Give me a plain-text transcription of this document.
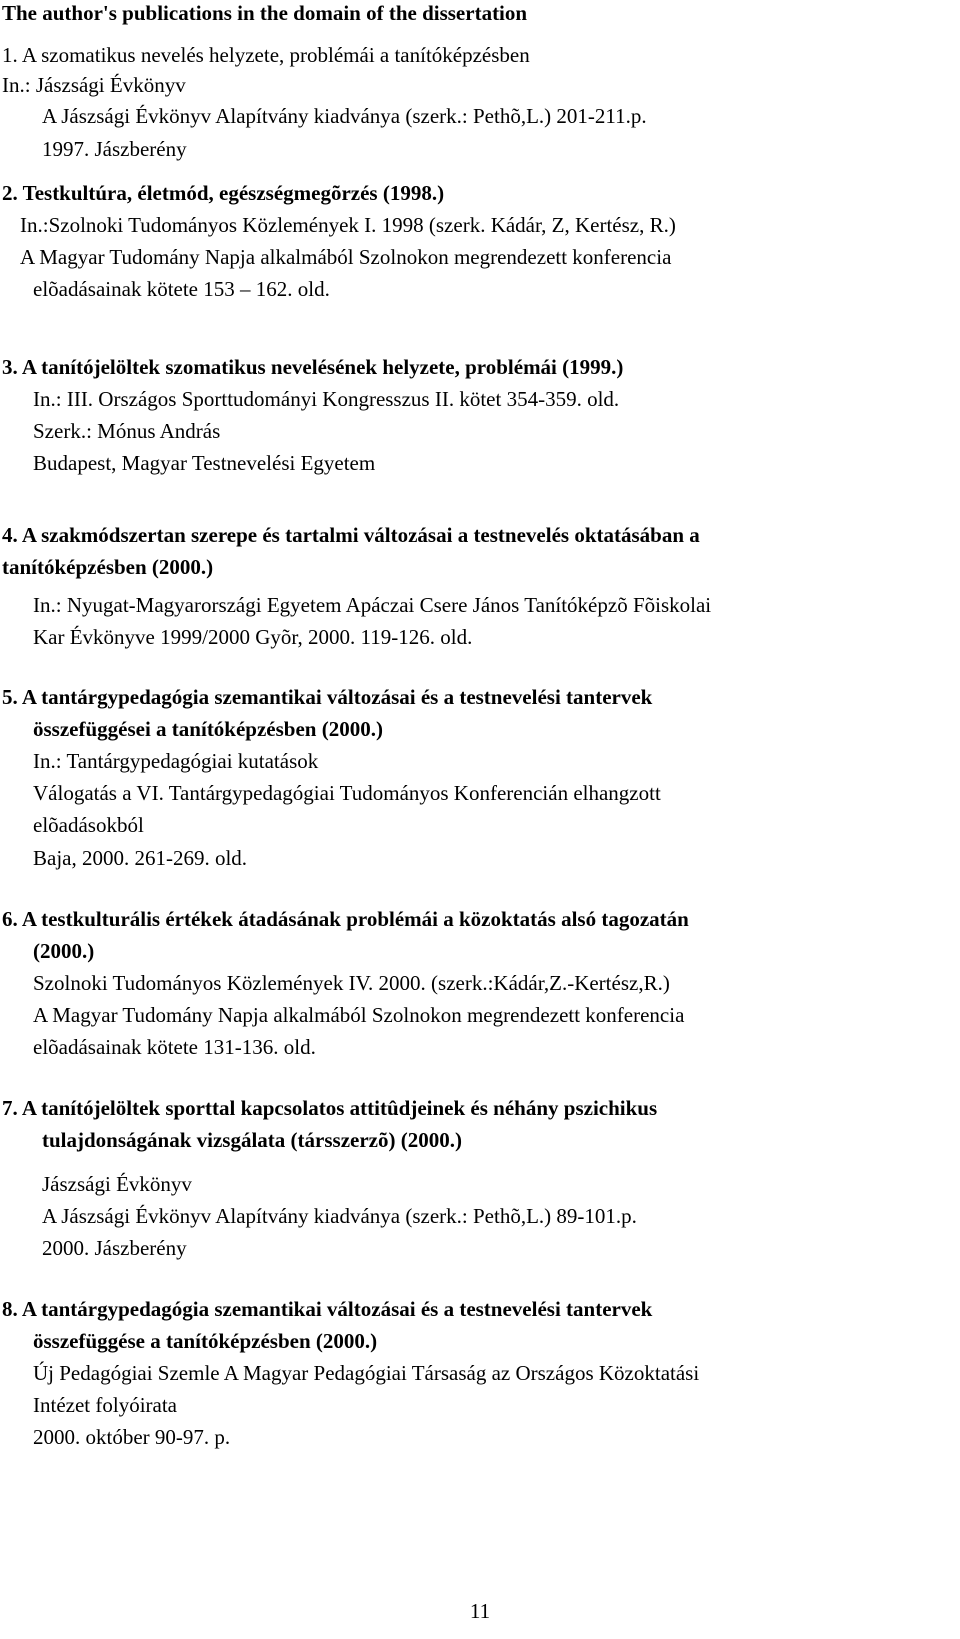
The author's publications in the domain of the dissertation
1. A szomatikus nevelés helyzete, problémái a tanítóképzésben
In.: Jászsági Évkönyv
A Jászsági Évkönyv Alapítvány kiadványa (szerk.: Pethõ,L.) 201-211.p.
1997. Jászberény
2. Testkultúra, életmód, egészségmegõrzés (1998.)
In.:Szolnoki Tudományos Közlemények I. 1998 (szerk. Kádár, Z, Kertész, R.)
A Magyar Tudomány Napja alkalmából Szolnokon megrendezett konferencia
elõadásainak kötete 153 – 162. old.
3. A tanítójelöltek szomatikus nevelésének helyzete, problémái (1999.)
In.: III. Országos Sporttudományi Kongresszus II. kötet 354-359. old.
Szerk.: Mónus András
Budapest, Magyar Testnevelési Egyetem
4. A szakmódszertan szerepe és tartalmi változásai a testnevelés oktatásában a
tanítóképzésben (2000.)
In.: Nyugat-Magyarországi Egyetem Apáczai Csere János Tanítóképzõ Fõiskolai
Kar Évkönyve 1999/2000 Gyõr, 2000. 119-126. old.
5. A tantárgypedagógia szemantikai változásai és a testnevelési tantervek
összefüggései a tanítóképzésben (2000.)
In.: Tantárgypedagógiai kutatások
Válogatás a VI. Tantárgypedagógiai Tudományos Konferencián elhangzott
elõadásokból
Baja, 2000. 261-269. old.
6. A testkulturális értékek átadásának problémái a közoktatás alsó tagozatán
(2000.)
Szolnoki Tudományos Közlemények IV. 2000. (szerk.:Kádár,Z.-Kertész,R.)
A Magyar Tudomány Napja alkalmából Szolnokon megrendezett konferencia
elõadásainak kötete 131-136. old.
7. A tanítójelöltek sporttal kapcsolatos attitûdjeinek és néhány pszichikus
tulajdonságának vizsgálata (társszerzõ) (2000.)
Jászsági Évkönyv
A Jászsági Évkönyv Alapítvány kiadványa (szerk.: Pethõ,L.) 89-101.p.
2000. Jászberény
8. A tantárgypedagógia szemantikai változásai és a testnevelési tantervek
összefüggése a tanítóképzésben (2000.)
Új Pedagógiai Szemle A Magyar Pedagógiai Társaság az Országos Közoktatási
Intézet folyóirata
2000. október 90-97. p.
11
